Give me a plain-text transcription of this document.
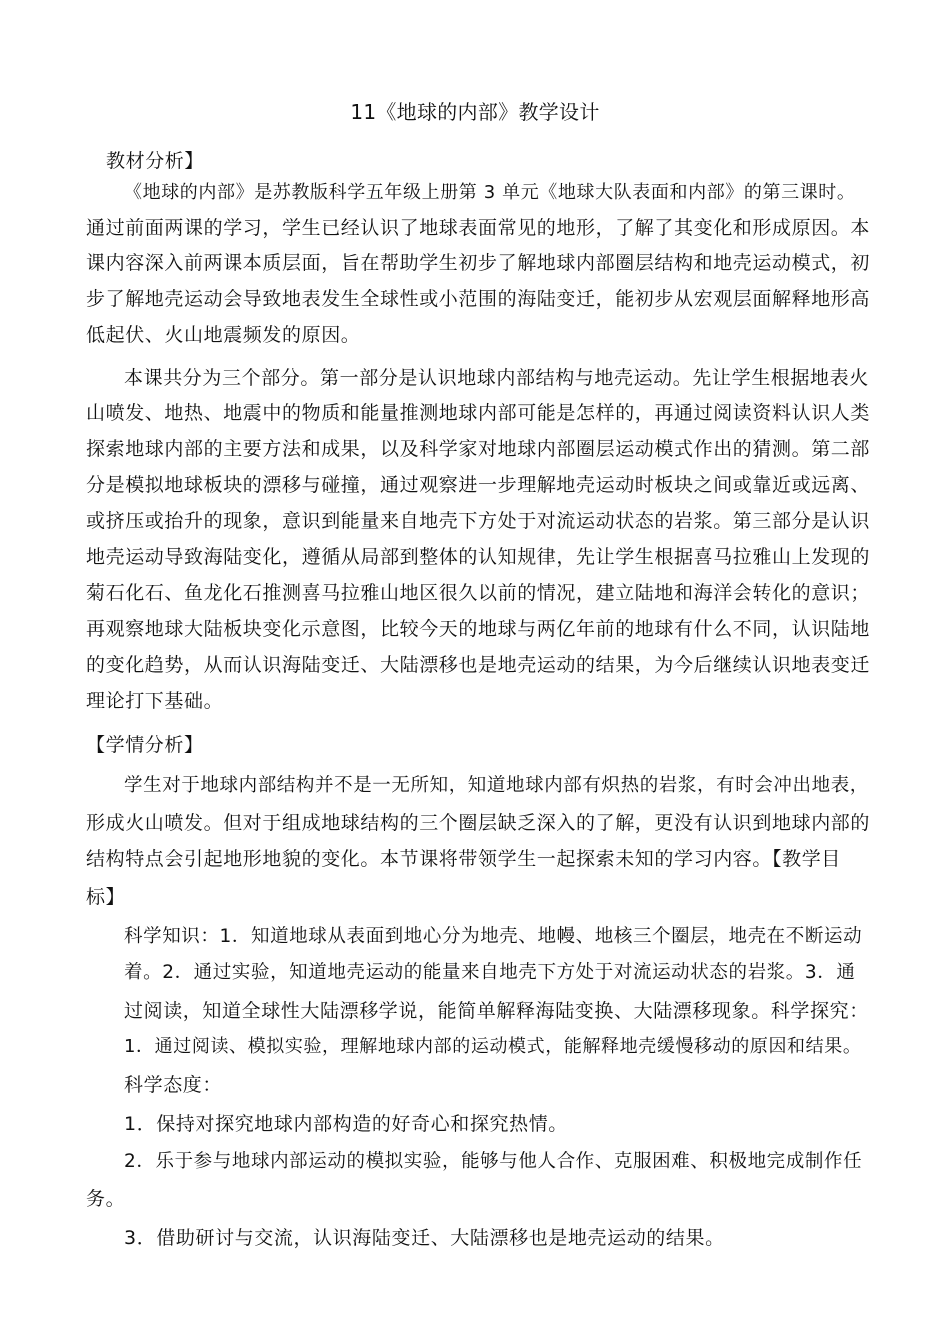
11《地球的内部》教学设计
教材分析】
《地球的内部》是苏教版科学五年级上册第 3 单元《地球大队表面和内部》的第三课时。
通过前面两课的学习，学生已经认识了地球表面常见的地形，了解了其变化和形成原因。本
课内容深入前两课本质层面，旨在帮助学生初步了解地球内部圈层结构和地壳运动模式，初
步了解地壳运动会导致地表发生全球性或小范围的海陆变迁，能初步从宏观层面解释地形高
低起伏、火山地震频发的原因。
本课共分为三个部分。第一部分是认识地球内部结构与地壳运动。先让学生根据地表火
山喷发、地热、地震中的物质和能量推测地球内部可能是怎样的，再通过阅读资料认识人类
探索地球内部的主要方法和成果，以及科学家对地球内部圈层运动模式作出的猜测。第二部
分是模拟地球板块的漂移与碰撞，通过观察进一步理解地壳运动时板块之间或靠近或远离、
或挤压或抬升的现象，意识到能量来自地壳下方处于对流运动状态的岩浆。第三部分是认识
地壳运动导致海陆变化，遵循从局部到整体的认知规律，先让学生根据喜马拉雅山上发现的
菊石化石、鱼龙化石推测喜马拉雅山地区很久以前的情况，建立陆地和海洋会转化的意识；
再观察地球大陆板块变化示意图，比较今天的地球与两亿年前的地球有什么不同，认识陆地
的变化趋势，从而认识海陆变迁、大陆漂移也是地壳运动的结果，为今后继续认识地表变迁
理论打下基础。
【学情分析】
学生对于地球内部结构并不是一无所知，知道地球内部有炽热的岩浆，有时会冲出地表，
形成火山喷发。但对于组成地球结构的三个圈层缺乏深入的了解，更没有认识到地球内部的
结构特点会引起地形地貌的变化。本节课将带领学生一起探索未知的学习内容。【教学目
标】
科学知识：1．知道地球从表面到地心分为地壳、地幔、地核三个圈层，地壳在不断运动
着。2．通过实验，知道地壳运动的能量来自地壳下方处于对流运动状态的岩浆。3．通
过阅读，知道全球性大陆漂移学说，能简单解释海陆变换、大陆漂移现象。科学探究：
1．通过阅读、模拟实验，理解地球内部的运动模式，能解释地壳缓慢移动的原因和结果。
科学态度：
1．保持对探究地球内部构造的好奇心和探究热情。
2．乐于参与地球内部运动的模拟实验，能够与他人合作、克服困难、积极地完成制作任
务。
3．借助研讨与交流，认识海陆变迁、大陆漂移也是地壳运动的结果。
